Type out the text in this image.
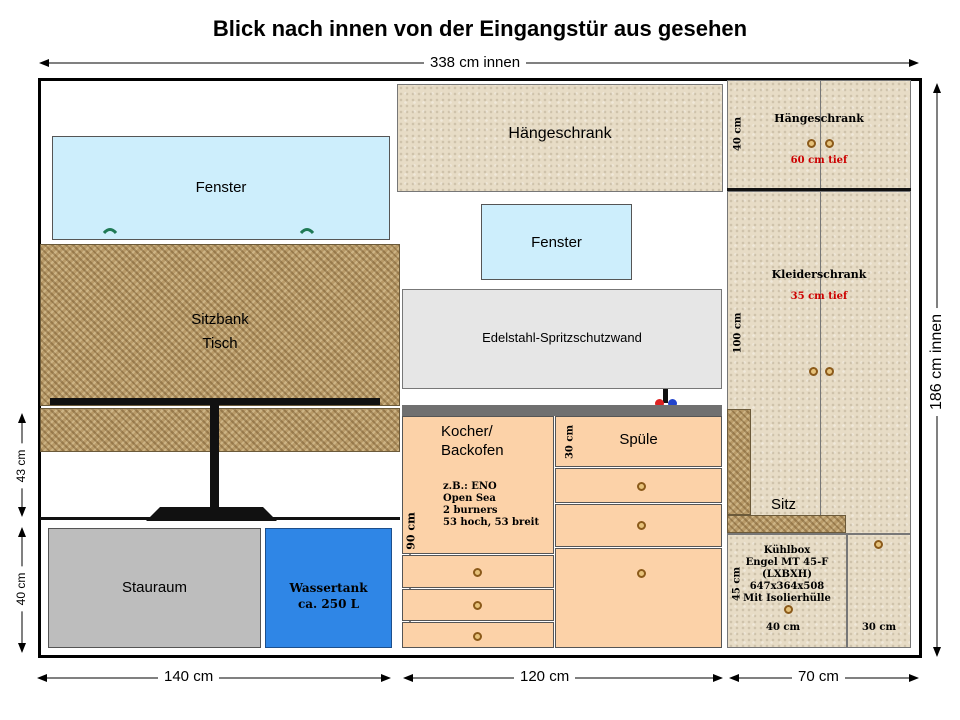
Blick nach innen von der Eingangstür aus gesehen
338 cm innen
140 cm	120 cm	70 cm
186 cm innen
43 cm
40 cm
Fenster
Sitzbank
Tisch
Stauraum	Wassertank
ca. 250 L
Hängeschrank
Fenster
Edelstahl-Spritzschutzwand
Kocher/
Backofen
z.B.: ENO
Open Sea
2 burners
53 hoch, 53 breit
90 cm
Spüle
30 cm
Hängeschrank
60 cm tief
40 cm
Kleiderschrank
35 cm tief
100 cm
Sitz
Kühlbox
Engel MT 45-F
(LXBXH)
647x364x508
Mit Isolierhülle
40 cm
45 cm
30 cm
